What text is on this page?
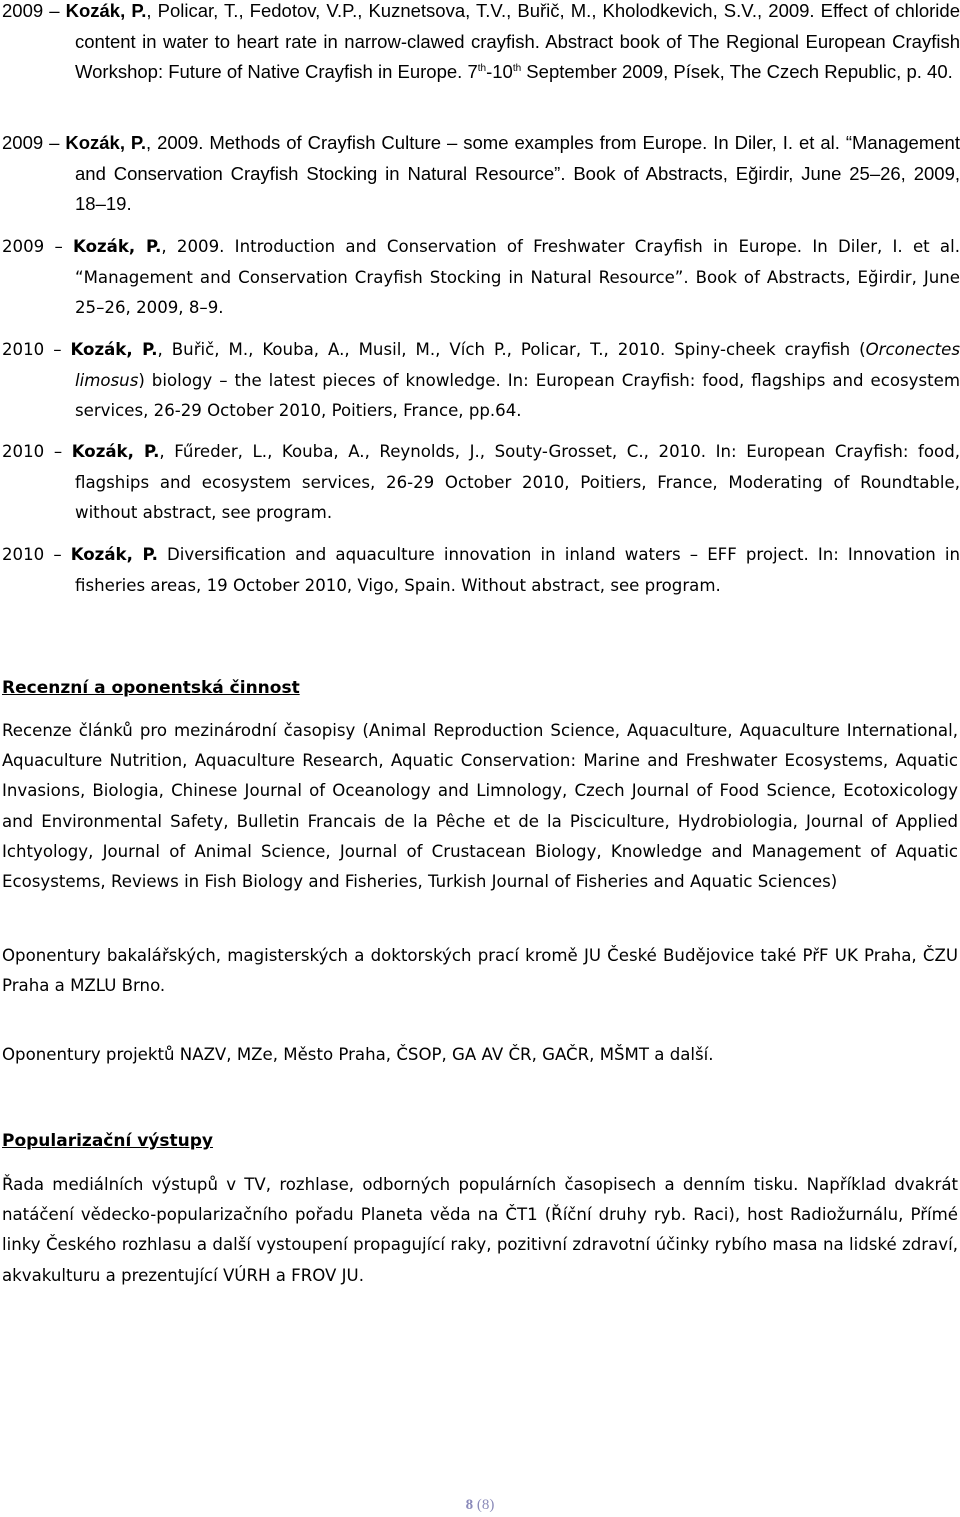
2009 – Kozák, P., Policar, T., Fedotov, V.P., Kuznetsova, T.V., Buřič, M., Kholodkevich, S.V., 2009. Effect of chloride content in water to heart rate in narrow-clawed crayfish. Abstract book of The Regional European Crayfish Workshop: Future of Native Crayfish in Europe. 7th-10th September 2009, Písek, The Czech Republic, p. 40.

2009 – Kozák, P., 2009. Methods of Crayfish Culture – some examples from Europe. In Diler, I. et al. “Management and Conservation Crayfish Stocking in Natural Resource”. Book of Abstracts, Eğirdir, June 25–26, 2009, 18–19.

2009 – Kozák, P., 2009. Introduction and Conservation of Freshwater Crayfish in Europe. In Diler, I. et al. “Management and Conservation Crayfish Stocking in Natural Resource”. Book of Abstracts, Eğirdir, June 25–26, 2009, 8–9.

2010 – Kozák, P., Buřič, M., Kouba, A., Musil, M., Vích P., Policar, T., 2010. Spiny-cheek crayfish (Orconectes limosus) biology – the latest pieces of knowledge. In: European Crayfish: food, flagships and ecosystem services, 26-29 October 2010, Poitiers, France, pp.64.

2010 – Kozák, P., Fűreder, L., Kouba, A., Reynolds, J., Souty-Grosset, C., 2010. In: European Crayfish: food, flagships and ecosystem services, 26-29 October 2010, Poitiers, France, Moderating of Roundtable, without abstract, see program.

2010 – Kozák, P. Diversification and aquaculture innovation in inland waters – EFF project. In: Innovation in fisheries areas, 19 October 2010, Vigo, Spain. Without abstract, see program.

Recenzní a oponentská činnost

Recenze článků pro mezinárodní časopisy (Animal Reproduction Science, Aquaculture, Aquaculture International, Aquaculture Nutrition, Aquaculture Research, Aquatic Conservation: Marine and Freshwater Ecosystems, Aquatic Invasions, Biologia, Chinese Journal of Oceanology and Limnology, Czech Journal of Food Science, Ecotoxicology and Environmental Safety, Bulletin Francais de la Pêche et de la Pisciculture, Hydrobiologia, Journal of Applied Ichtyology, Journal of Animal Science, Journal of Crustacean Biology, Knowledge and Management of Aquatic Ecosystems, Reviews in Fish Biology and Fisheries, Turkish Journal of Fisheries and Aquatic Sciences)

Oponentury bakalářských, magisterských a doktorských prací kromě JU České Budějovice také PřF UK Praha, ČZU Praha a MZLU Brno.

Oponentury projektů NAZV, MZe, Město Praha, ČSOP, GA AV ČR, GAČR, MŠMT a další.

Popularizační výstupy

Řada mediálních výstupů v TV, rozhlase, odborných populárních časopisech a denním tisku. Například dvakrát natáčení vědecko-popularizačního pořadu Planeta věda na ČT1 (Říční druhy ryb. Raci), host Radiožurnálu, Přímé linky Českého rozhlasu a další vystoupení propagující raky, pozitivní zdravotní účinky rybího masa na lidské zdraví, akvakulturu a prezentující VÚRH a FROV JU.

8 (8)
